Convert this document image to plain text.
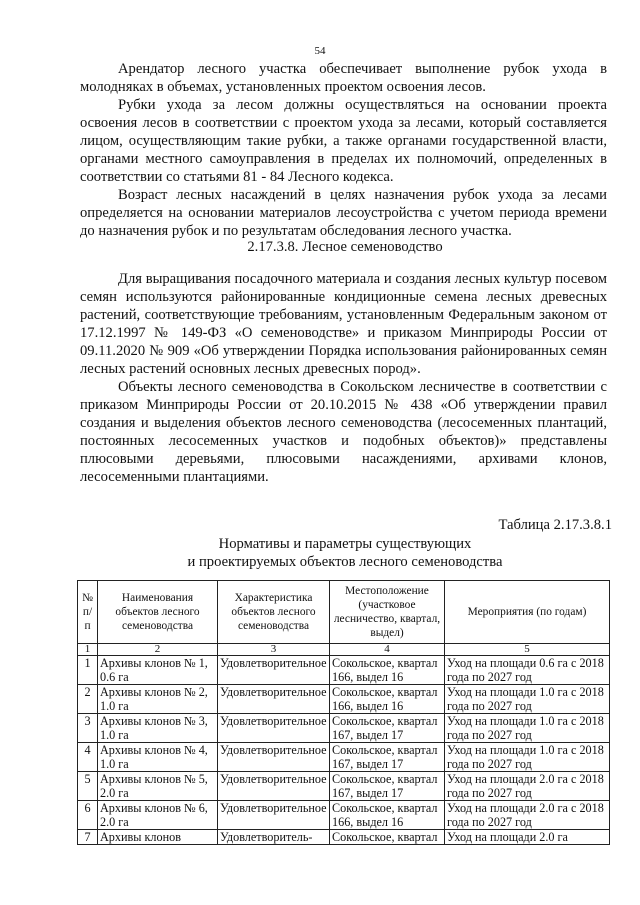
54

Арендатор лесного участка обеспечивает выполнение рубок ухода в молодняках в объемах, установленных проектом освоения лесов.

Рубки ухода за лесом должны осуществляться на основании проекта освоения лесов в соответствии с проектом ухода за лесами, который составляется лицом, осуществляющим такие рубки, а также органами государственной власти, органами местного самоуправления в пределах их полномочий, определенных в соответствии со статьями 81 - 84 Лесного кодекса.

Возраст лесных насаждений в целях назначения рубок ухода за лесами определяется на основании материалов лесоустройства с учетом периода времени до назначения рубок и по результатам обследования лесного участка.

2.17.3.8. Лесное семеноводство

Для выращивания посадочного материала и создания лесных культур посевом семян используются районированные кондиционные семена лесных древесных растений, соответствующие требованиям, установленным Федеральным законом от 17.12.1997 № 149-ФЗ «О семеноводстве» и приказом Минприроды России от 09.11.2020 № 909 «Об утверждении Порядка использования районированных семян лесных растений основных лесных древесных пород».

Объекты лесного семеноводства в Сокольском лесничестве в соответствии с приказом Минприроды России от 20.10.2015 № 438 «Об утверждении правил создания и выделения объектов лесного семеноводства (лесосеменных плантаций, постоянных лесосеменных участков и подобных объектов)» представлены плюсовыми деревьями, плюсовыми насаждениями, архивами клонов, лесосеменными плантациями.

Таблица 2.17.3.8.1
Нормативы и параметры существующих
и проектируемых объектов лесного семеноводства
№ п/п	Наименования объектов лесного семеноводства	Характеристика объектов лесного семеноводства	Местоположение (участковое лесничество, квартал, выдел)	Мероприятия (по годам)
1	2	3	4	5
1	Архивы клонов № 1, 0.6 га	Удовлетворительное	Сокольское, квартал 166, выдел 16	Уход на площади 0.6 га с 2018 года по 2027 год
2	Архивы клонов № 2, 1.0 га	Удовлетворительное	Сокольское, квартал 166, выдел 16	Уход на площади 1.0 га с 2018 года по 2027 год
3	Архивы клонов № 3, 1.0 га	Удовлетворительное	Сокольское, квартал 167, выдел 17	Уход на площади 1.0 га с 2018 года по 2027 год
4	Архивы клонов № 4, 1.0 га	Удовлетворительное	Сокольское, квартал 167, выдел 17	Уход на площади 1.0 га с 2018 года по 2027 год
5	Архивы клонов № 5, 2.0 га	Удовлетворительное	Сокольское, квартал 167, выдел 17	Уход на площади 2.0 га с 2018 года по 2027 год
6	Архивы клонов № 6, 2.0 га	Удовлетворительное	Сокольское, квартал 166, выдел 16	Уход на площади 2.0 га с 2018 года по 2027 год
7	Архивы клонов	Удовлетворитель-	Сокольское, квартал	Уход на площади 2.0 га
